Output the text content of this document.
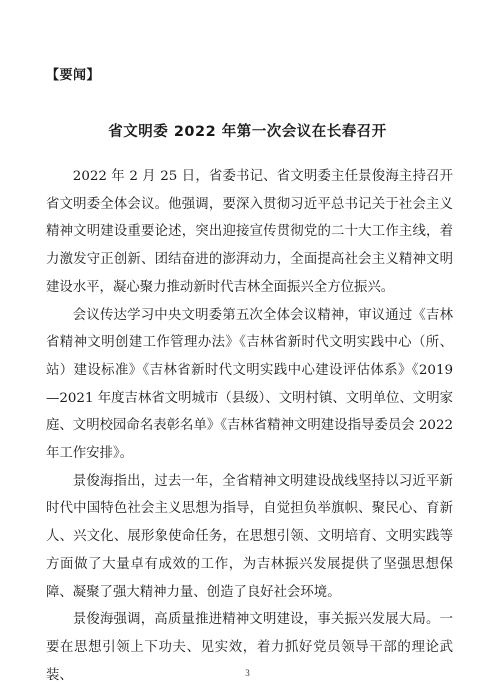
【要闻】
省文明委 2022 年第一次会议在长春召开

2022 年 2 月 25 日，省委书记、省文明委主任景俊海主持召开省文明委全体会议。他强调，要深入贯彻习近平总书记关于社会主义精神文明建设重要论述，突出迎接宣传贯彻党的二十大工作主线，着力激发守正创新、团结奋进的澎湃动力，全面提高社会主义精神文明建设水平，凝心聚力推动新时代吉林全面振兴全方位振兴。

会议传达学习中央文明委第五次全体会议精神，审议通过《吉林省精神文明创建工作管理办法》《吉林省新时代文明实践中心（所、站）建设标准》《吉林省新时代文明实践中心建设评估体系》《2019—2021 年度吉林省文明城市（县级）、文明村镇、文明单位、文明家庭、文明校园命名表彰名单》《吉林省精神文明建设指导委员会 2022 年工作安排》。

景俊海指出，过去一年，全省精神文明建设战线坚持以习近平新时代中国特色社会主义思想为指导，自觉担负举旗帜、聚民心、育新人、兴文化、展形象使命任务，在思想引领、文明培育、文明实践等方面做了大量卓有成效的工作，为吉林振兴发展提供了坚强思想保障、凝聚了强大精神力量、创造了良好社会环境。

景俊海强调，高质量推进精神文明建设，事关振兴发展大局。一要在思想引领上下功夫、见实效，着力抓好党员领导干部的理论武装、	3
